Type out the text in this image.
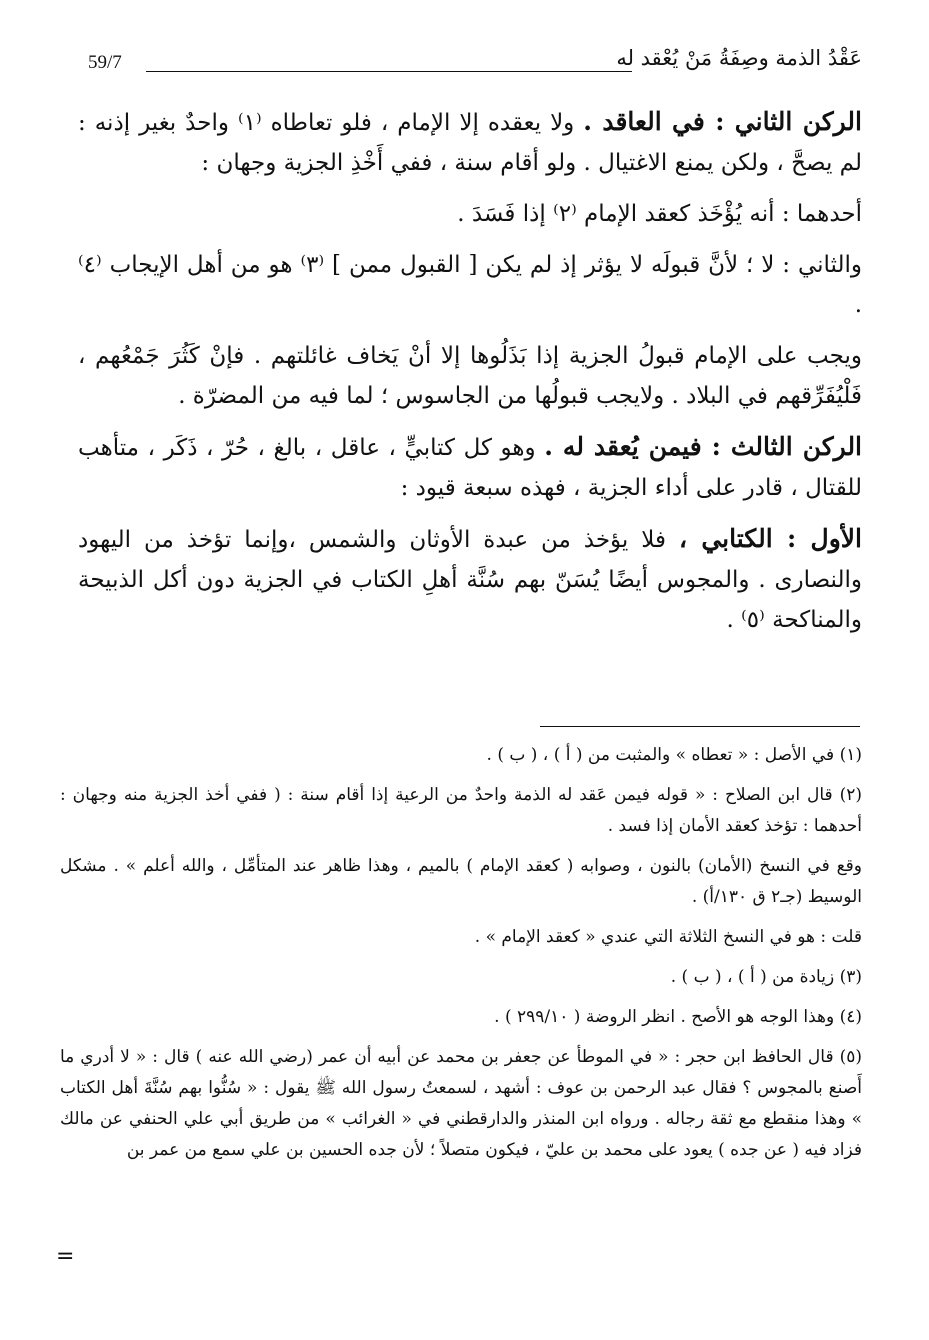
59/7	عَقْدُ الذمة وصِفَةُ مَنْ يُعْقد له

الركن الثاني : في العاقد . ولا يعقده إلا الإمام ، فلو تعاطاه ⁽١⁾ واحدٌ بغير إذنه : لم يصحَّ ، ولكن يمنع الاغتيال . ولو أقام سنة ، ففي أَخْذِ الجزية وجهان :

أحدهما : أنه يُؤْخَذ كعقد الإمام ⁽٢⁾ إذا فَسَدَ .

والثاني : لا ؛ لأنَّ قبولَه لا يؤثر إذ لم يكن [ القبول ممن ] ⁽٣⁾ هو من أهل الإيجاب ⁽٤⁾ .

ويجب على الإمام قبولُ الجزية إذا بَذَلُوها إلا أنْ يَخاف غائلتهم . فإنْ كَثُرَ جَمْعُهم ، فَلْيُفَرِّقهم في البلاد . ولايجب قبولُها من الجاسوس ؛ لما فيه من المضرّة .

الركن الثالث : فيمن يُعقد له . وهو كل كتابيٍّ ، عاقل ، بالغ ، حُرّ ، ذَكَر ، متأهب للقتال ، قادر على أداء الجزية ، فهذه سبعة قيود :

الأول : الكتابي ، فلا يؤخذ من عبدة الأوثان والشمس ،وإنما تؤخذ من اليهود والنصارى . والمجوس أيضًا يُسَنّ بهم سُنَّة أهلِ الكتاب في الجزية دون أكل الذبيحة والمناكحة ⁽٥⁾ .

(١) في الأصل : « تعطاه » والمثبت من ( أ ) ، ( ب ) .

(٢) قال ابن الصلاح : « قوله فيمن عَقد له الذمة واحدٌ من الرعية إذا أقام سنة : ( ففي أخذ الجزية منه وجهان : أحدهما : تؤخذ كعقد الأمان إذا فسد .

وقع في النسخ (الأمان) بالنون ، وصوابه ( كعقد الإمام ) بالميم ، وهذا ظاهر عند المتأمِّل ، والله أعلم » . مشكل الوسيط (جـ٢ ق ١٣٠/أ) .

قلت : هو في النسخ الثلاثة التي عندي « كعقد الإمام » .

(٣) زيادة من ( أ ) ، ( ب ) .

(٤) وهذا الوجه هو الأصح . انظر الروضة ( ٢٩٩/١٠ ) .

(٥) قال الحافظ ابن حجر : « في الموطأ عن جعفر بن محمد عن أبيه أن عمر (رضي الله عنه ) قال : « لا أدري ما أَصنع بالمجوس ؟ فقال عبد الرحمن بن عوف : أشهد ، لسمعتُ رسول الله ﷺ يقول : « سُنُّوا بهم سُنَّةَ أهل الكتاب » وهذا منقطع مع ثقة رجاله . ورواه ابن المنذر والدارقطني في « الغرائب » من طريق أبي علي الحنفي عن مالك فزاد فيه ( عن جده ) يعود على محمد بن عليّ ، فيكون متصلاً ؛ لأن جده الحسين بن علي سمع من عمر بن

=
